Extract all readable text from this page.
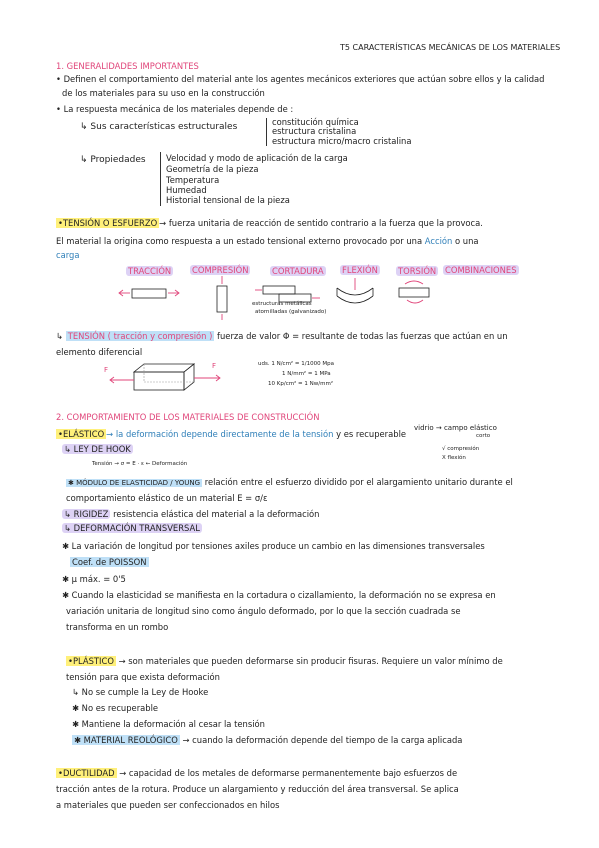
T5 CARACTERÍSTICAS MECÁNICAS DE LOS MATERIALES
1. GENERALIDADES IMPORTANTES
• Definen el comportamiento del material ante los agentes mecánicos exteriores que actúan sobre ellos y la calidad
de los materiales para su uso en la construcción
• La respuesta mecánica de los materiales depende de :
↳ Sus características estructurales	constitución química
estructura cristalina
estructura micro/macro cristalina
↳ Propiedades Velocidad y modo de aplicación de la carga
Geometría de la pieza
Temperatura
Humedad
Historial tensional de la pieza
•TENSIÓN O ESFUERZO → fuerza unitaria de reacción de sentido contrario a la fuerza que la provoca.
El material la origina como respuesta a un estado tensional externo provocado por una Acción o una
carga
TRACCIÓN COMPRESIÓN	CORTADURA FLEXIÓN TORSIÓN COMBINACIONES
estructuras metálicas
atornilladas (galvanizado)
↳ TENSIÓN ( tracción y compresión ) fuerza de valor Φ = resultante de todas las fuerzas que actúan en un
elemento diferencial
F	F	uds. 1 N/cm² = 1/1000 Mpa
1 N/mm² = 1 MPa
10 Kp/cm² = 1 Nw/mm²
2. COMPORTAMIENTO DE LOS MATERIALES DE CONSTRUCCIÓN
•ELÁSTICO → la deformación depende directamente de la tensión y es recuperable
vidrio → campo elástico
corto
√ compresión
X flexión
↳ LEY DE HOOK
Tensión → σ = E · ε ← Deformación
✱ MÓDULO DE ELASTICIDAD / YOUNG relación entre el esfuerzo dividido por el alargamiento unitario durante el
comportamiento elástico de un material E = σ/ε
↳ RIGIDEZ resistencia elástica del material a la deformación
↳ DEFORMACIÓN TRANSVERSAL
✱ La variación de longitud por tensiones axiles produce un cambio en las dimensiones transversales
Coef. de POISSON
✱ μ máx. = 0'5
✱ Cuando la elasticidad se manifiesta en la cortadura o cizallamiento, la deformación no se expresa en
variación unitaria de longitud sino como ángulo deformado, por lo que la sección cuadrada se
transforma en un rombo
•PLÁSTICO → son materiales que pueden deformarse sin producir fisuras. Requiere un valor mínimo de
tensión para que exista deformación
↳ No se cumple la Ley de Hooke
✱ No es recuperable
✱ Mantiene la deformación al cesar la tensión
✱ MATERIAL REOLÓGICO → cuando la deformación depende del tiempo de la carga aplicada
•DUCTILIDAD → capacidad de los metales de deformarse permanentemente bajo esfuerzos de
tracción antes de la rotura. Produce un alargamiento y reducción del área transversal. Se aplica
a materiales que pueden ser confeccionados en hilos
